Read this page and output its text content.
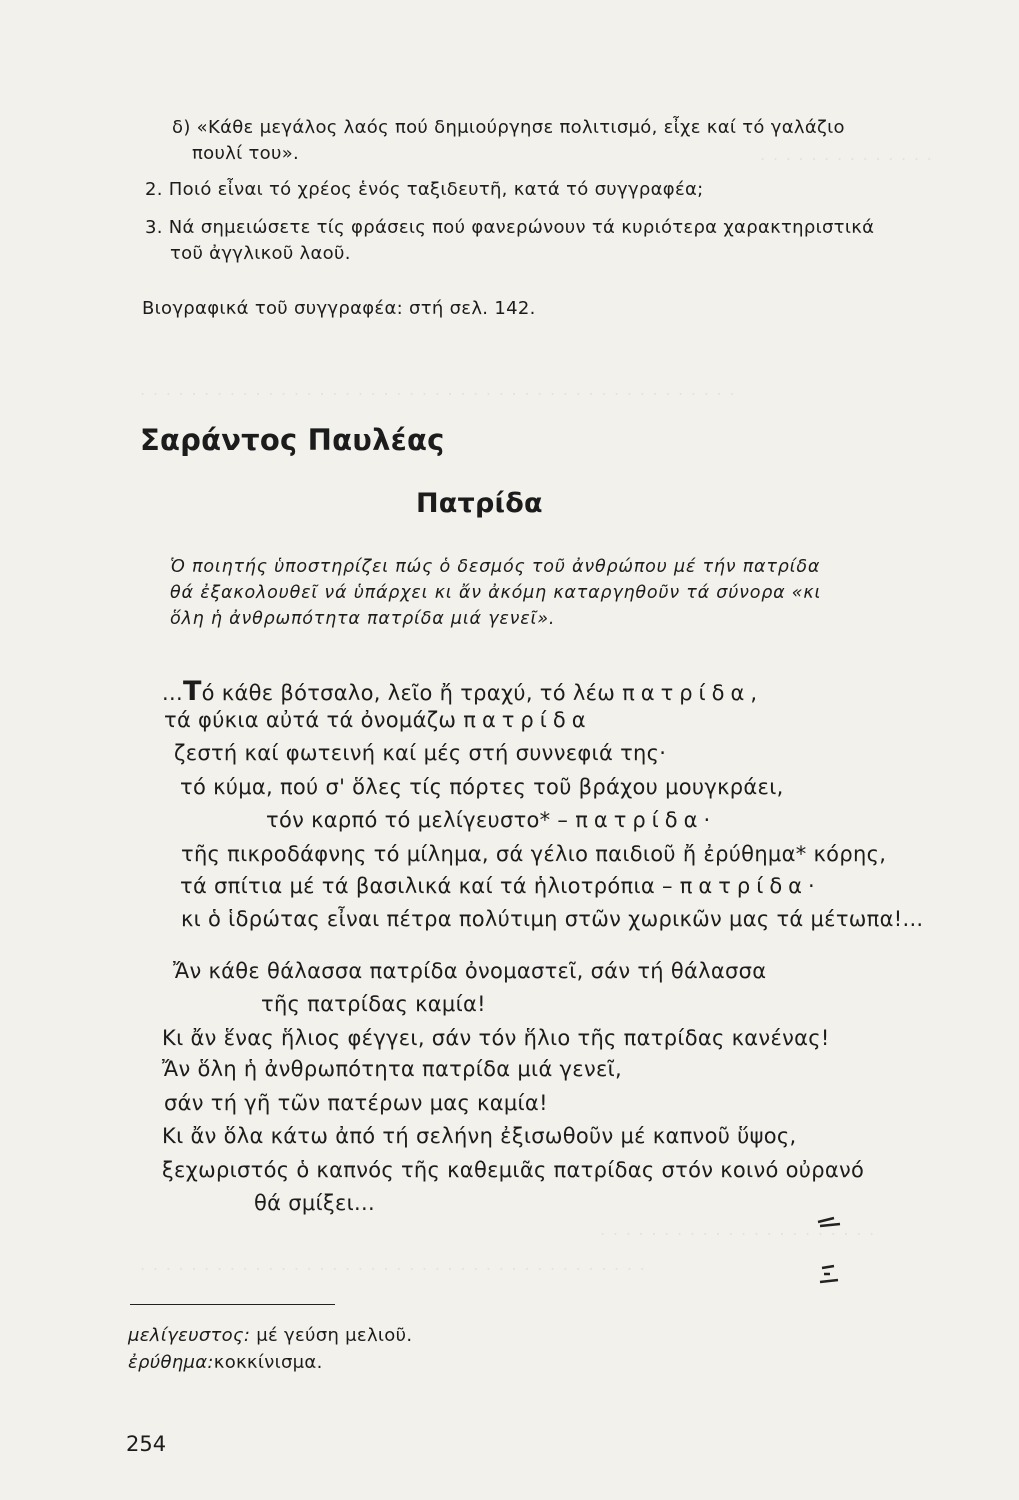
· · · · · · · · · · · · · ·
· · · · · · · · · · · · · · · · · · · · · · · · · · · · · · · · · · · · · · · · · · · · · · ·
· · · · · · · · · · · · · · · · · · · · · ·
· · · · · · · · · · · · · · · · · · · · · · · · · · · · · · · · · · · · · · · ·
δ) «Κάθε μεγάλος λαός πού δημιούργησε πολιτισμό, εἶχε καί τό γαλάζιο
πουλί του».
2. Ποιό εἶναι τό χρέος ἑνός ταξιδευτῆ, κατά τό συγγραφέα;
3. Νά σημειώσετε τίς φράσεις πού φανερώνουν τά κυριότερα χαρακτηριστικά
τοῦ ἀγγλικοῦ λαοῦ.
Βιογραφικά τοῦ συγγραφέα: στή σελ. 142.
Σαράντος Παυλέας
Πατρίδα
Ὁ ποιητής ὑποστηρίζει πώς ὁ δεσμός τοῦ ἀνθρώπου μέ τήν πατρίδα
θά ἐξακολουθεῖ νά ὑπάρχει κι ἄν ἀκόμη καταργηθοῦν τά σύνορα «κι
ὅλη ἡ ἀνθρωπότητα πατρίδα μιά γενεῖ».
...Τό κάθε βότσαλο, λεῖο ἤ τραχύ, τό λέω πατρίδα,
τά φύκια αὐτά τά ὀνομάζω πατρίδα
ζεστή καί φωτεινή καί μές στή συννεφιά της·
τό κύμα, πού σ' ὅλες τίς πόρτες τοῦ βράχου μουγκράει,
τόν καρπό τό μελίγευστο* – πατρίδα·
τῆς πικροδάφνης τό μίλημα, σά γέλιο παιδιοῦ ἤ ἐρύθημα* κόρης,
τά σπίτια μέ τά βασιλικά καί τά ἡλιοτρόπια – πατρίδα·
κι ὁ ἱδρώτας εἶναι πέτρα πολύτιμη στῶν χωρικῶν μας τά μέτωπα!...
Ἄν κάθε θάλασσα πατρίδα ὀνομαστεῖ, σάν τή θάλασσα
τῆς πατρίδας καμία!
Κι ἄν ἕνας ἥλιος φέγγει, σάν τόν ἥλιο τῆς πατρίδας κανένας!
Ἄν ὅλη ἡ ἀνθρωπότητα πατρίδα μιά γενεῖ,
σάν τή γῆ τῶν πατέρων μας καμία!
Κι ἄν ὅλα κάτω ἀπό τή σελήνη ἐξισωθοῦν μέ καπνοῦ ὕψος,
ξεχωριστός ὁ καπνός τῆς καθεμιᾶς πατρίδας στόν κοινό οὐρανό
θά σμίξει...
μελίγευστος: μέ γεύση μελιοῦ.
ἐρύθημα:κοκκίνισμα.
254
